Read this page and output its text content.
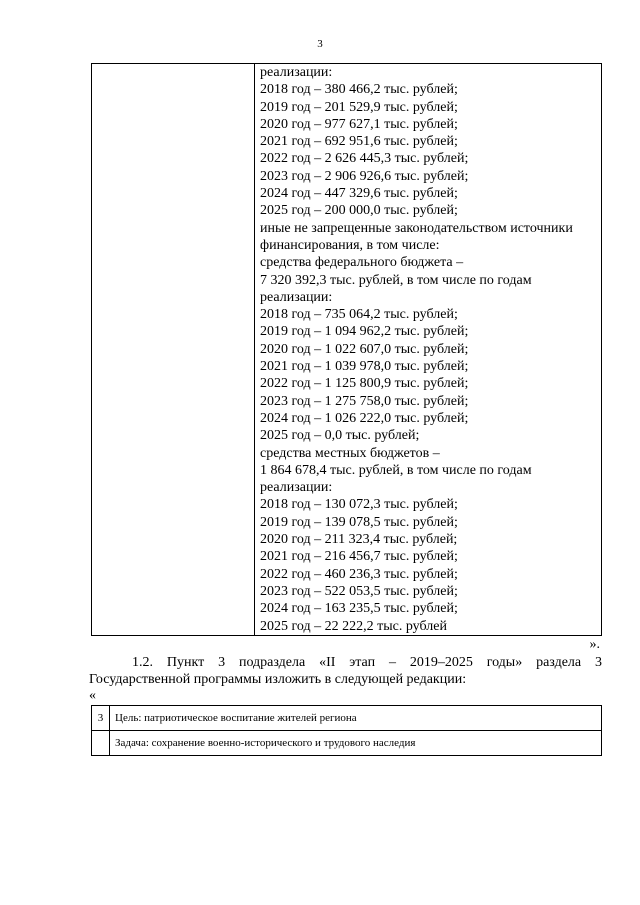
3

реализации:
2018 год – 380 466,2 тыс. рублей;
2019 год – 201 529,9 тыс. рублей;
2020 год – 977 627,1 тыс. рублей;
2021 год – 692 951,6 тыс. рублей;
2022 год – 2 626 445,3 тыс. рублей;
2023 год – 2 906 926,6 тыс. рублей;
2024 год – 447 329,6 тыс. рублей;
2025 год – 200 000,0 тыс. рублей;
иные не запрещенные законодательством источники
финансирования, в том числе:
средства федерального бюджета –
7 320 392,3 тыс. рублей, в том числе по годам
реализации:
2018 год – 735 064,2 тыс. рублей;
2019 год – 1 094 962,2 тыс. рублей;
2020 год – 1 022 607,0 тыс. рублей;
2021 год – 1 039 978,0 тыс. рублей;
2022 год – 1 125 800,9 тыс. рублей;
2023 год – 1 275 758,0 тыс. рублей;
2024 год – 1 026 222,0 тыс. рублей;
2025 год – 0,0 тыс. рублей;
средства местных бюджетов –
1 864 678,4 тыс. рублей, в том числе по годам
реализации:
2018 год – 130 072,3 тыс. рублей;
2019 год – 139 078,5 тыс. рублей;
2020 год – 211 323,4 тыс. рублей;
2021 год – 216 456,7 тыс. рублей;
2022 год – 460 236,3 тыс. рублей;
2023 год – 522 053,5 тыс. рублей;
2024 год – 163 235,5 тыс. рублей;
2025 год – 22 222,2 тыс. рублей
».
1.2. Пункт 3 подраздела «II этап – 2019–2025 годы» раздела 3
Государственной программы изложить в следующей редакции:
«
3	Цель: патриотическое воспитание жителей региона
	Задача: сохранение военно-исторического и трудового наследия
